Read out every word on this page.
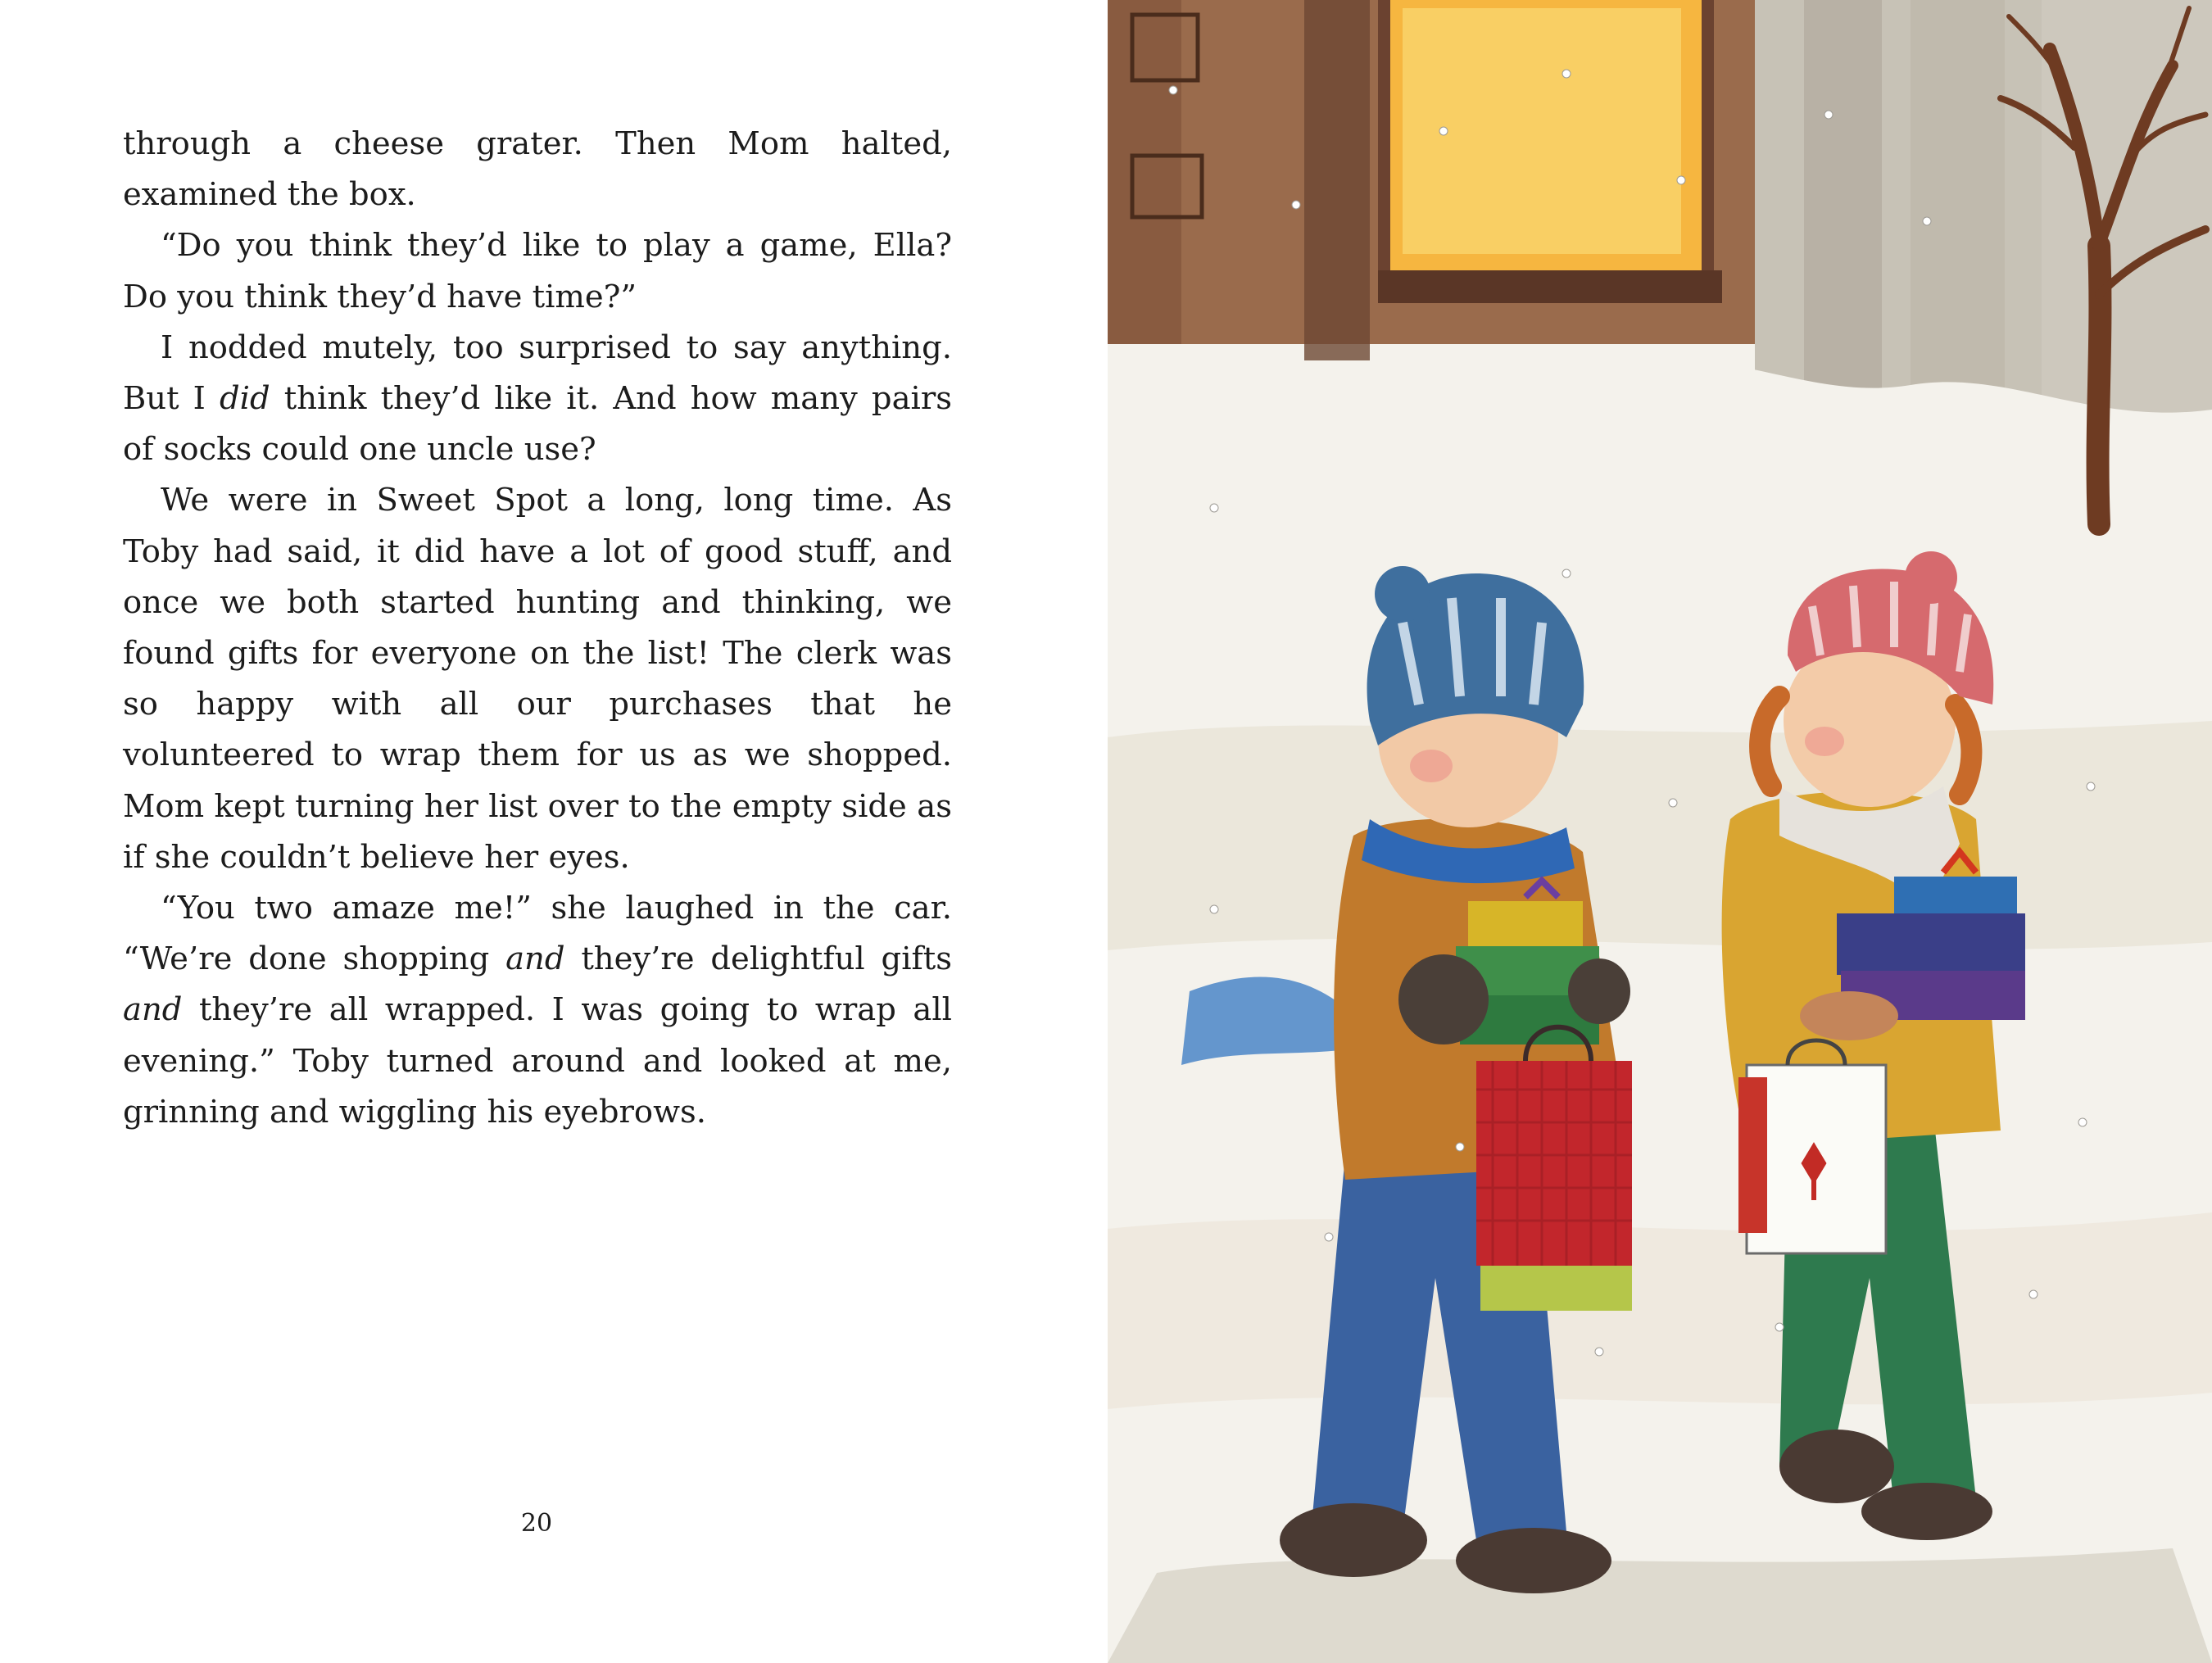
through a cheese grater. Then Mom halted, examined the box.

“Do you think they’d like to play a game, Ella? Do you think they’d have time?”

I nodded mutely, too surprised to say anything. But I did think they’d like it. And how many pairs of socks could one uncle use?

We were in Sweet Spot a long, long time. As Toby had said, it did have a lot of good stuff, and once we both started hunting and thinking, we found gifts for everyone on the list! The clerk was so happy with all our purchases that he volunteered to wrap them for us as we shopped. Mom kept turning her list over to the empty side as if she couldn’t believe her eyes.

“You two amaze me!” she laughed in the car. “We’re done shopping and they’re delightful gifts and they’re all wrapped. I was going to wrap all evening.” Toby turned around and looked at me, grinning and wiggling his eyebrows.

20
